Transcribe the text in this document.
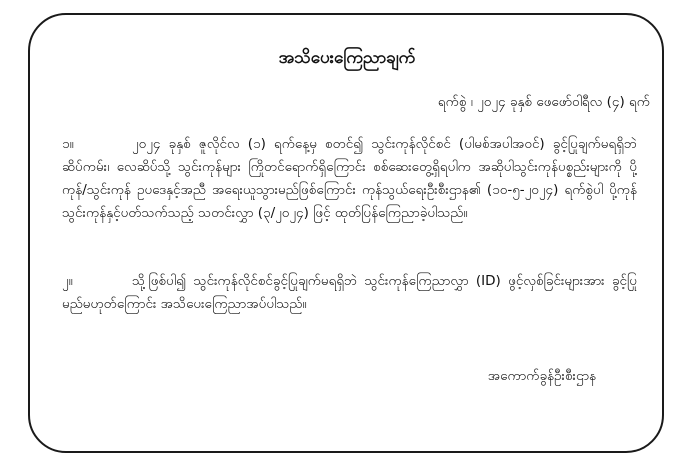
အသိပေးကြေညာချက်
ရက်စွဲ ၊ ၂၀၂၄ ခုနှစ် ဖေဖော်ဝါရီလ (၄) ရက်
၁။	၂၀၂၄ ခုနှစ် ဇူလိုင်လ (၁) ရက်နေ့မှ စတင်၍ သွင်းကုန်လိုင်စင် (ပါမစ်အပါအဝင်) ခွင့်ပြုချက်မရရှိဘဲ ဆိပ်ကမ်း၊ လေဆိပ်သို့ သွင်းကုန်များ ကြိုတင်ရောက်ရှိကြောင်း စစ်ဆေးတွေ့ရှိရပါက အဆိုပါသွင်းကုန်ပစ္စည်းများကို ပို့ကုန်/သွင်းကုန် ဥပဒေနှင့်အညီ အရေးယူသွားမည်ဖြစ်ကြောင်း ကုန်သွယ်ရေးဦးစီးဌာန၏ (၁၀-၅-၂၀၂၄) ရက်စွဲပါ ပို့ကုန်သွင်းကုန်နှင့်ပတ်သက်သည့် သတင်းလွှာ (၃/၂၀၂၄) ဖြင့် ထုတ်ပြန်ကြေညာခဲ့ပါသည်။
၂။	သို့ဖြစ်ပါ၍ သွင်းကုန်လိုင်စင်ခွင့်ပြုချက်မရရှိဘဲ သွင်းကုန်ကြေညာလွှာ (ID) ဖွင့်လှစ်ခြင်းများအား ခွင့်ပြုမည်မဟုတ်ကြောင်း အသိပေးကြေညာအပ်ပါသည်။
အကောက်ခွန်ဦးစီးဌာန
